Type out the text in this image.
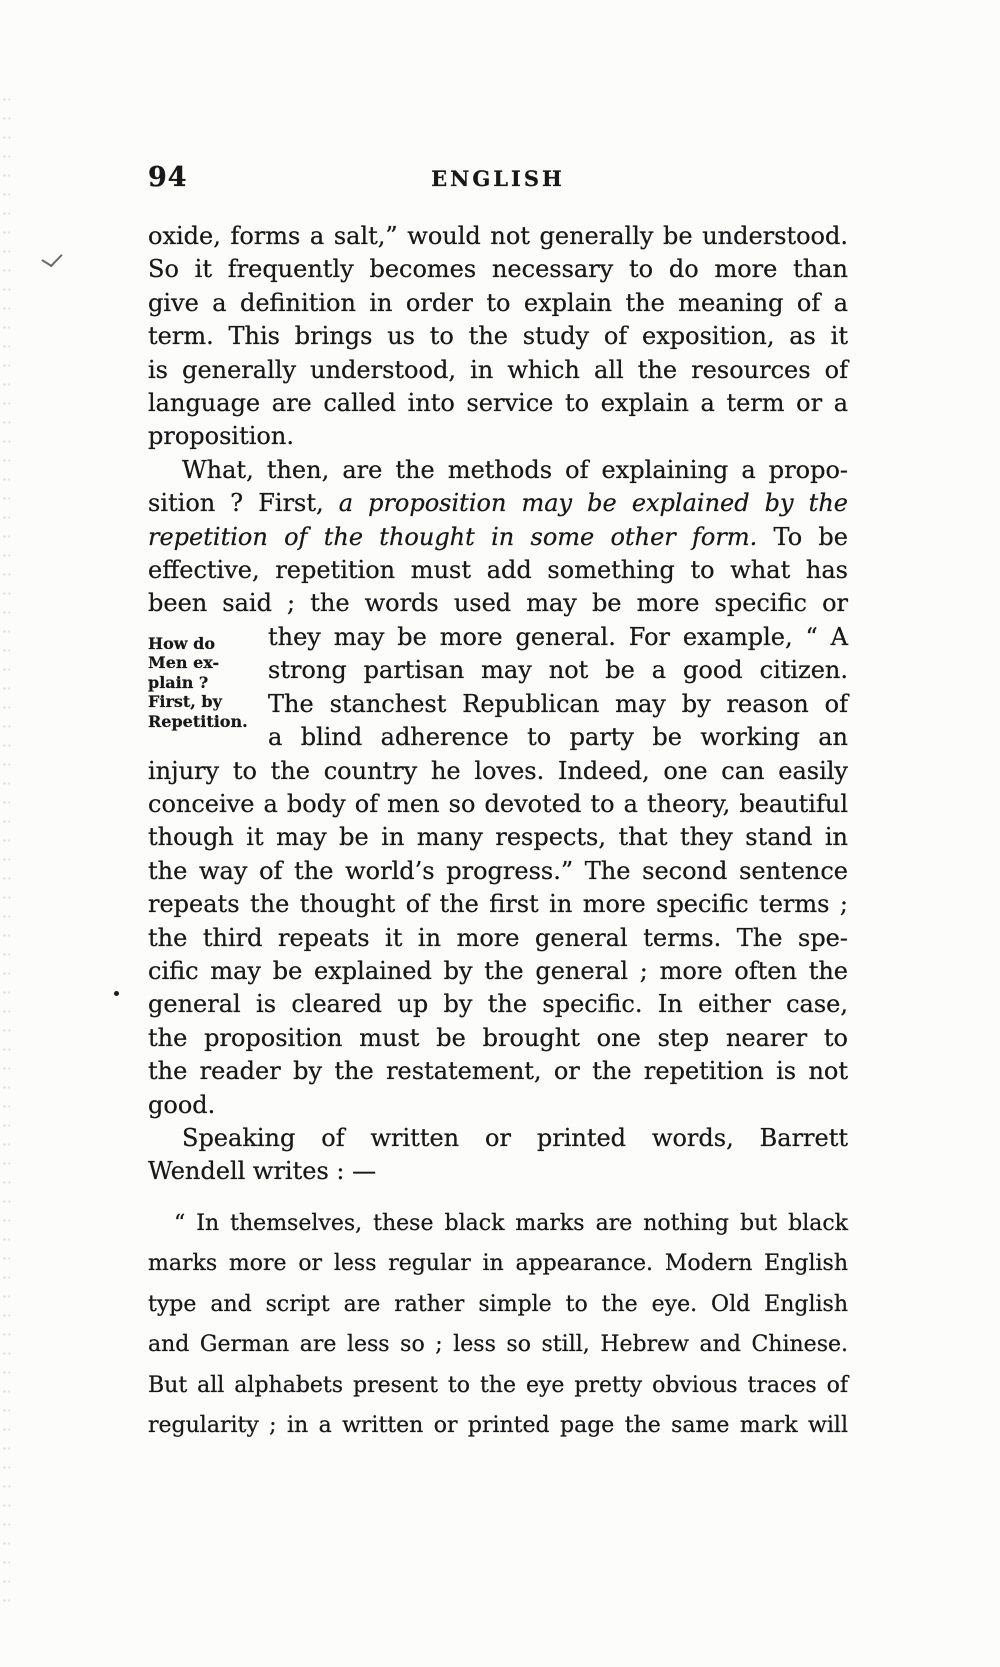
94	ENGLISH
oxide, forms a salt,” would not generally be understood.
So it frequently becomes necessary to do more than
give a definition in order to explain the meaning of a
term. This brings us to the study of exposition, as it
is generally understood, in which all the resources of
language are called into service to explain a term or a
proposition.
What, then, are the methods of explaining a propo-
sition ? First, a proposition may be explained by the
repetition of the thought in some other form. To be
effective, repetition must add something to what has
been said ; the words used may be more specific or
How do
Men ex-
plain ?
First, by
Repetition.
they may be more general. For example, “ A
strong partisan may not be a good citizen.
The stanchest Republican may by reason of
a blind adherence to party be working an
injury to the country he loves. Indeed, one can easily
conceive a body of men so devoted to a theory, beautiful
though it may be in many respects, that they stand in
the way of the world’s progress.” The second sentence
repeats the thought of the first in more specific terms ;
the third repeats it in more general terms. The spe-
cific may be explained by the general ; more often the
general is cleared up by the specific. In either case,
the proposition must be brought one step nearer to
the reader by the restatement, or the repetition is not
good.
Speaking of written or printed words, Barrett
Wendell writes : —
“ In themselves, these black marks are nothing but black
marks more or less regular in appearance. Modern English
type and script are rather simple to the eye. Old English
and German are less so ; less so still, Hebrew and Chinese.
But all alphabets present to the eye pretty obvious traces of
regularity ; in a written or printed page the same mark will
